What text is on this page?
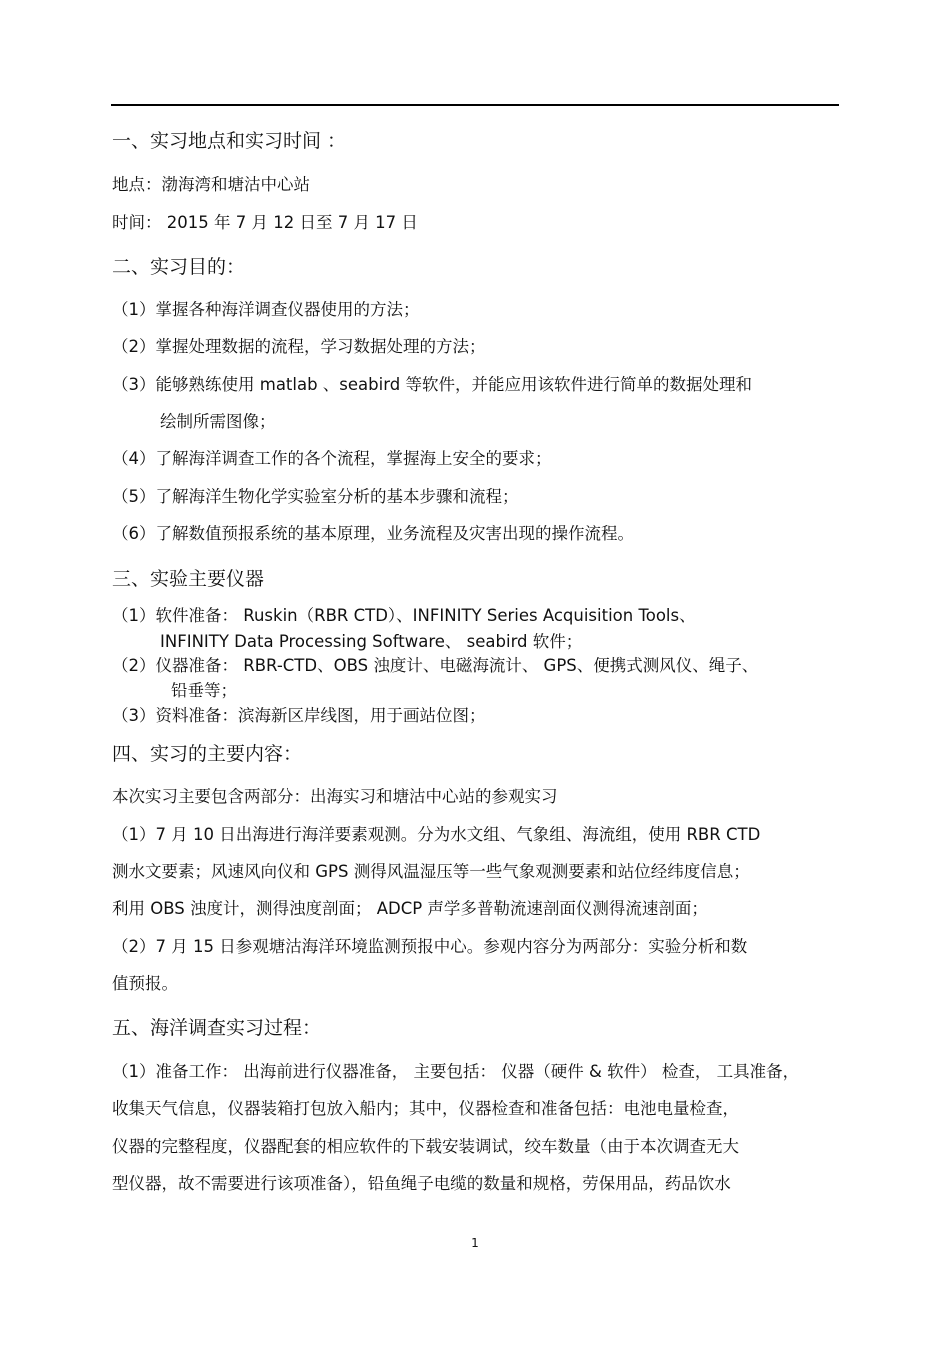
一、实习地点和实习时间 ：
地点：渤海湾和塘沽中心站
时间： 2015 年 7 月 12 日至 7 月 17 日
二、实习目的：
（1）掌握各种海洋调查仪器使用的方法；
（2）掌握处理数据的流程，学习数据处理的方法；
（3）能够熟练使用 matlab 、seabird 等软件，并能应用该软件进行简单的数据处理和
绘制所需图像；
（4）了解海洋调查工作的各个流程，掌握海上安全的要求；
（5）了解海洋生物化学实验室分析的基本步骤和流程；
（6）了解数值预报系统的基本原理，业务流程及灾害出现的操作流程。
三、实验主要仪器
（1）软件准备： Ruskin（RBR CTD）、INFINITY Series Acquisition Tools、
INFINITY Data Processing Software、 seabird 软件；
（2）仪器准备： RBR-CTD、OBS 浊度计、电磁海流计、 GPS、便携式测风仪、绳子、
铅垂等；
（3）资料准备：滨海新区岸线图，用于画站位图；
四、实习的主要内容：
本次实习主要包含两部分：出海实习和塘沽中心站的参观实习
（1）7 月 10 日出海进行海洋要素观测。分为水文组、气象组、海流组，使用 RBR CTD
测水文要素；风速风向仪和 GPS 测得风温湿压等一些气象观测要素和站位经纬度信息；
利用 OBS 浊度计，测得浊度剖面； ADCP 声学多普勒流速剖面仪测得流速剖面；
（2）7 月 15 日参观塘沽海洋环境监测预报中心。参观内容分为两部分：实验分析和数
值预报。
五、海洋调查实习过程：
（1）准备工作： 出海前进行仪器准备， 主要包括： 仪器（硬件 & 软件） 检查， 工具准备，
收集天气信息，仪器装箱打包放入船内；其中，仪器检查和准备包括：电池电量检查，
仪器的完整程度，仪器配套的相应软件的下载安装调试，绞车数量（由于本次调查无大
型仪器，故不需要进行该项准备），铅鱼绳子电缆的数量和规格，劳保用品，药品饮水
1
